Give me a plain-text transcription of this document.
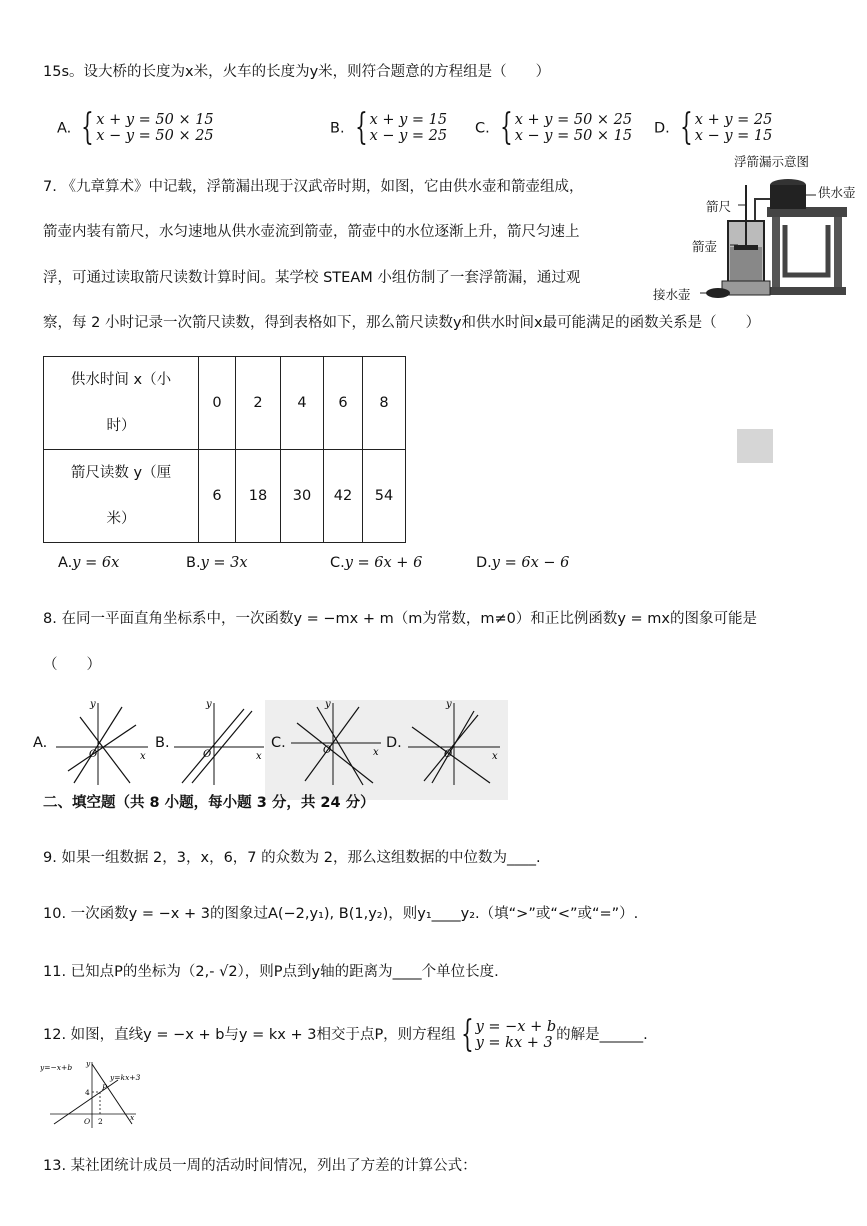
15s。设大桥的长度为x米，火车的长度为y米，则符合题意的方程组是（　　）
A. { x + y = 50 × 15
x − y = 50 × 25	B. { x + y = 15
x − y = 25 C. { x + y = 50 × 25
x − y = 50 × 15 D. { x + y = 25
x − y = 15
7. 《九章算术》中记载，浮箭漏出现于汉武帝时期，如图，它由供水壶和箭壶组成，
箭壶内装有箭尺，水匀速地从供水壶流到箭壶，箭壶中的水位逐渐上升，箭尺匀速上
浮，可通过读取箭尺读数计算时间。某学校 STEAM 小组仿制了一套浮箭漏，通过观
察，每 2 小时记录一次箭尺读数，得到表格如下，那么箭尺读数y和供水时间x最可能满足的函数关系是（　　）
浮箭漏示意图
供水壶
箭尺
箭壶
接水壶
供水时间 x（小
时）	0	2	4	6	8

箭尺读数 y（厘
米）	6	18	30	42	54
A.y = 6x	B.y = 3x	C.y = 6x + 6	D.y = 6x − 6
8. 在同一平面直角坐标系中，一次函数y = −mx + m（m为常数，m≠0）和正比例函数y = mx的图象可能是
（　　）
A.
y
x
O
B.
y
x
O
C.
y
x
O	D.
y
x
O
二、填空题（共 8 小题，每小题 3 分，共 24 分）
9. 如果一组数据 2，3，x，6，7 的众数为 2，那么这组数据的中位数为____.
10. 一次函数y = −x + 3的图象过A(−2,y₁), B(1,y₂)，则y₁____y₂.（填“>”或“<”或“=”）.
11. 已知点P的坐标为（2,- √2），则P点到y轴的距离为____个单位长度.
12. 如图，直线y = −x + b与y = kx + 3相交于点P，则方程组 { y = −x + b
y = kx + 3 的解是______.
y=−x+b
y=kx+3
y
P
4
O 2	x
13. 某社团统计成员一周的活动时间情况，列出了方差的计算公式：
